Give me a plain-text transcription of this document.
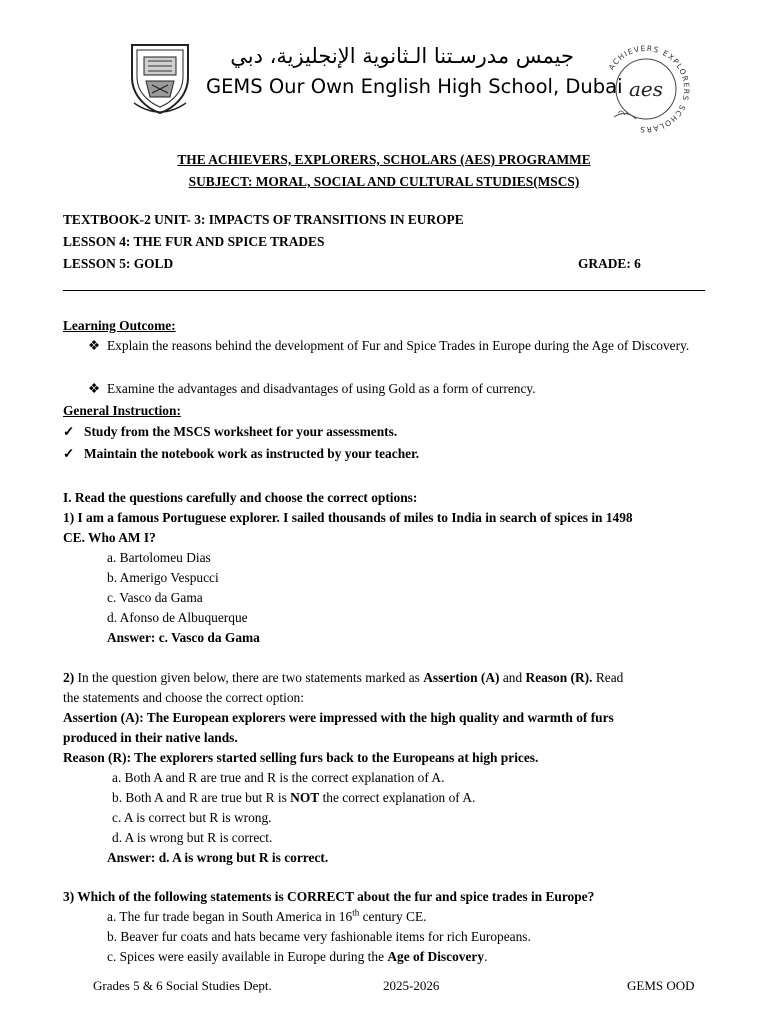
جيمس مدرسـتنا الـثانوية الإنجليزية، دبي
GEMS Our Own English High School, Dubai
ACHIEVERS EXPLORERS SCHOLARS
aes
THE ACHIEVERS, EXPLORERS, SCHOLARS (AES) PROGRAMME
SUBJECT: MORAL, SOCIAL AND CULTURAL STUDIES(MSCS)
TEXTBOOK-2 UNIT- 3: IMPACTS OF TRANSITIONS IN EUROPE
LESSON 4: THE FUR AND SPICE TRADES
LESSON 5: GOLD	GRADE: 6
Learning Outcome:
❖ Explain the reasons behind the development of Fur and Spice Trades in Europe during the Age of Discovery.
❖ Examine the advantages and disadvantages of using Gold as a form of currency.
General Instruction:
✓ Study from the MSCS worksheet for your assessments.
✓ Maintain the notebook work as instructed by your teacher.
I. Read the questions carefully and choose the correct options:
1) I am a famous Portuguese explorer. I sailed thousands of miles to India in search of spices in 1498
CE. Who AM I?
a. Bartolomeu Dias
b. Amerigo Vespucci
c. Vasco da Gama
d. Afonso de Albuquerque
Answer: c. Vasco da Gama
2) In the question given below, there are two statements marked as Assertion (A) and Reason (R). Read
the statements and choose the correct option:
Assertion (A): The European explorers were impressed with the high quality and warmth of furs
produced in their native lands.
Reason (R): The explorers started selling furs back to the Europeans at high prices.
a. Both A and R are true and R is the correct explanation of A.
b. Both A and R are true but R is NOT the correct explanation of A.
c. A is correct but R is wrong.
d. A is wrong but R is correct.
Answer: d. A is wrong but R is correct.
3) Which of the following statements is CORRECT about the fur and spice trades in Europe?
a. The fur trade began in South America in 16th century CE.
b. Beaver fur coats and hats became very fashionable items for rich Europeans.
c. Spices were easily available in Europe during the Age of Discovery.
Grades 5 & 6 Social Studies Dept.	2025-2026	GEMS OOD
